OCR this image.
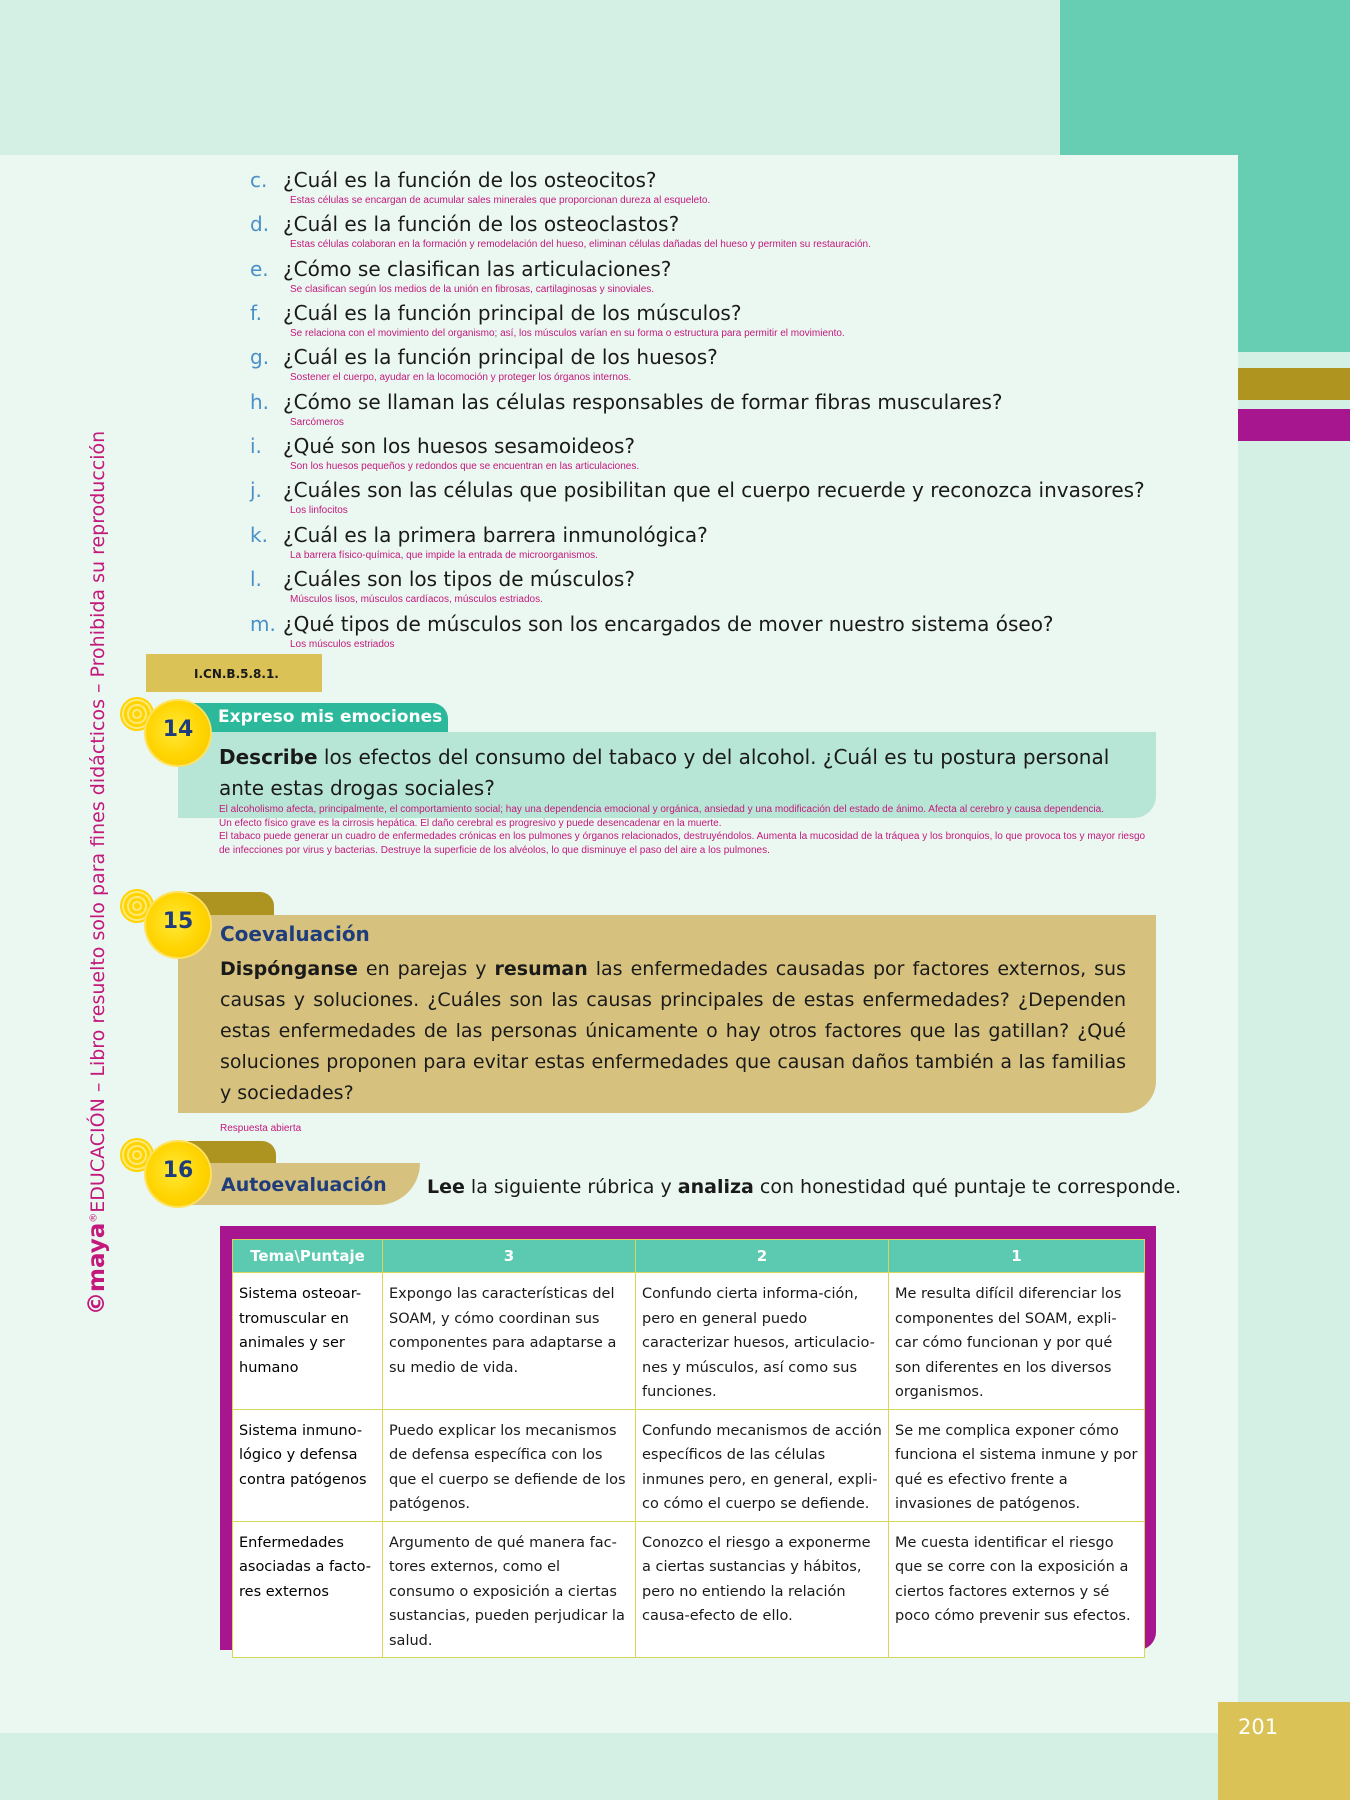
201
©maya®EDUCACIÓN – Libro resuelto solo para fines didácticos – Prohibida su reproducción
c. ¿Cuál es la función de los osteocitos?
Estas células se encargan de acumular sales minerales que proporcionan dureza al esqueleto.
d. ¿Cuál es la función de los osteoclastos?
Estas células colaboran en la formación y remodelación del hueso, eliminan células dañadas del hueso y permiten su restauración.
e. ¿Cómo se clasifican las articulaciones?
Se clasifican según los medios de la unión en fibrosas, cartilaginosas y sinoviales.
f.	¿Cuál es la función principal de los músculos?
Se relaciona con el movimiento del organismo; así, los músculos varían en su forma o estructura para permitir el movimiento.
g. ¿Cuál es la función principal de los huesos?
Sostener el cuerpo, ayudar en la locomoción y proteger los órganos internos.
h. ¿Cómo se llaman las células responsables de formar fibras musculares?
Sarcómeros
i.	¿Qué son los huesos sesamoideos?
Son los huesos pequeños y redondos que se encuentran en las articulaciones.
j.	¿Cuáles son las células que posibilitan que el cuerpo recuerde y reconozca invasores?
Los linfocitos
k. ¿Cuál es la primera barrera inmunológica?
La barrera físico-química, que impide la entrada de microorganismos.
l.	¿Cuáles son los tipos de músculos?
Músculos lisos, músculos cardíacos, músculos estriados.
m. ¿Qué tipos de músculos son los encargados de mover nuestro sistema óseo?
Los músculos estriados
I.CN.B.5.8.1.
Expreso mis emociones
14
Describe los efectos del consumo del tabaco y del alcohol. ¿Cuál es tu postura personal ante estas drogas sociales?
El alcoholismo afecta, principalmente, el comportamiento social; hay una dependencia emocional y orgánica, ansiedad y una modificación del estado de ánimo. Afecta al cerebro y causa dependencia.
Un efecto físico grave es la cirrosis hepática. El daño cerebral es progresivo y puede desencadenar en la muerte.
El tabaco puede generar un cuadro de enfermedades crónicas en los pulmones y órganos relacionados, destruyéndolos. Aumenta la mucosidad de la tráquea y los bronquios, lo que provoca tos y mayor riesgo de infecciones por virus y bacterias. Destruye la superficie de los alvéolos, lo que disminuye el paso del aire a los pulmones.
15	Coevaluación
Dispónganse en parejas y resuman las enfermedades causadas por factores externos, sus causas y soluciones. ¿Cuáles son las causas principales de estas enfermedades? ¿Dependen estas enfermedades de las personas únicamente o hay otros factores que las gatillan? ¿Qué soluciones proponen para evitar estas enfermedades que causan daños también a las familias y sociedades?
Respuesta abierta
16
Autoevaluación Lee la siguiente rúbrica y analiza con honestidad qué puntaje te corresponde.
Tema\Puntaje	3	2	1
Sistema osteoar-tromuscular en animales y ser humano	Expongo las características del SOAM, y cómo coordinan sus componentes para adaptarse a su medio de vida.	Confundo cierta informa-ción, pero en general puedo caracterizar huesos, articulacio-nes y músculos, así como sus funciones.	Me resulta difícil diferenciar los componentes del SOAM, expli-car cómo funcionan y por qué son diferentes en los diversos organismos.
Sistema inmuno-lógico y defensa contra patógenos	Puedo explicar los mecanismos de defensa específica con los que el cuerpo se defiende de los patógenos.	Confundo mecanismos de acción específicos de las células inmunes pero, en general, expli-co cómo el cuerpo se defiende.	Se me complica exponer cómo funciona el sistema inmune y por qué es efectivo frente a invasiones de patógenos.
Enfermedades asociadas a facto-res externos	Argumento de qué manera fac-tores externos, como el consumo o exposición a ciertas sustancias, pueden perjudicar la salud.	Conozco el riesgo a exponerme a ciertas sustancias y hábitos, pero no entiendo la relación causa-efecto de ello.	Me cuesta identificar el riesgo que se corre con la exposición a ciertos factores externos y sé poco cómo prevenir sus efectos.
